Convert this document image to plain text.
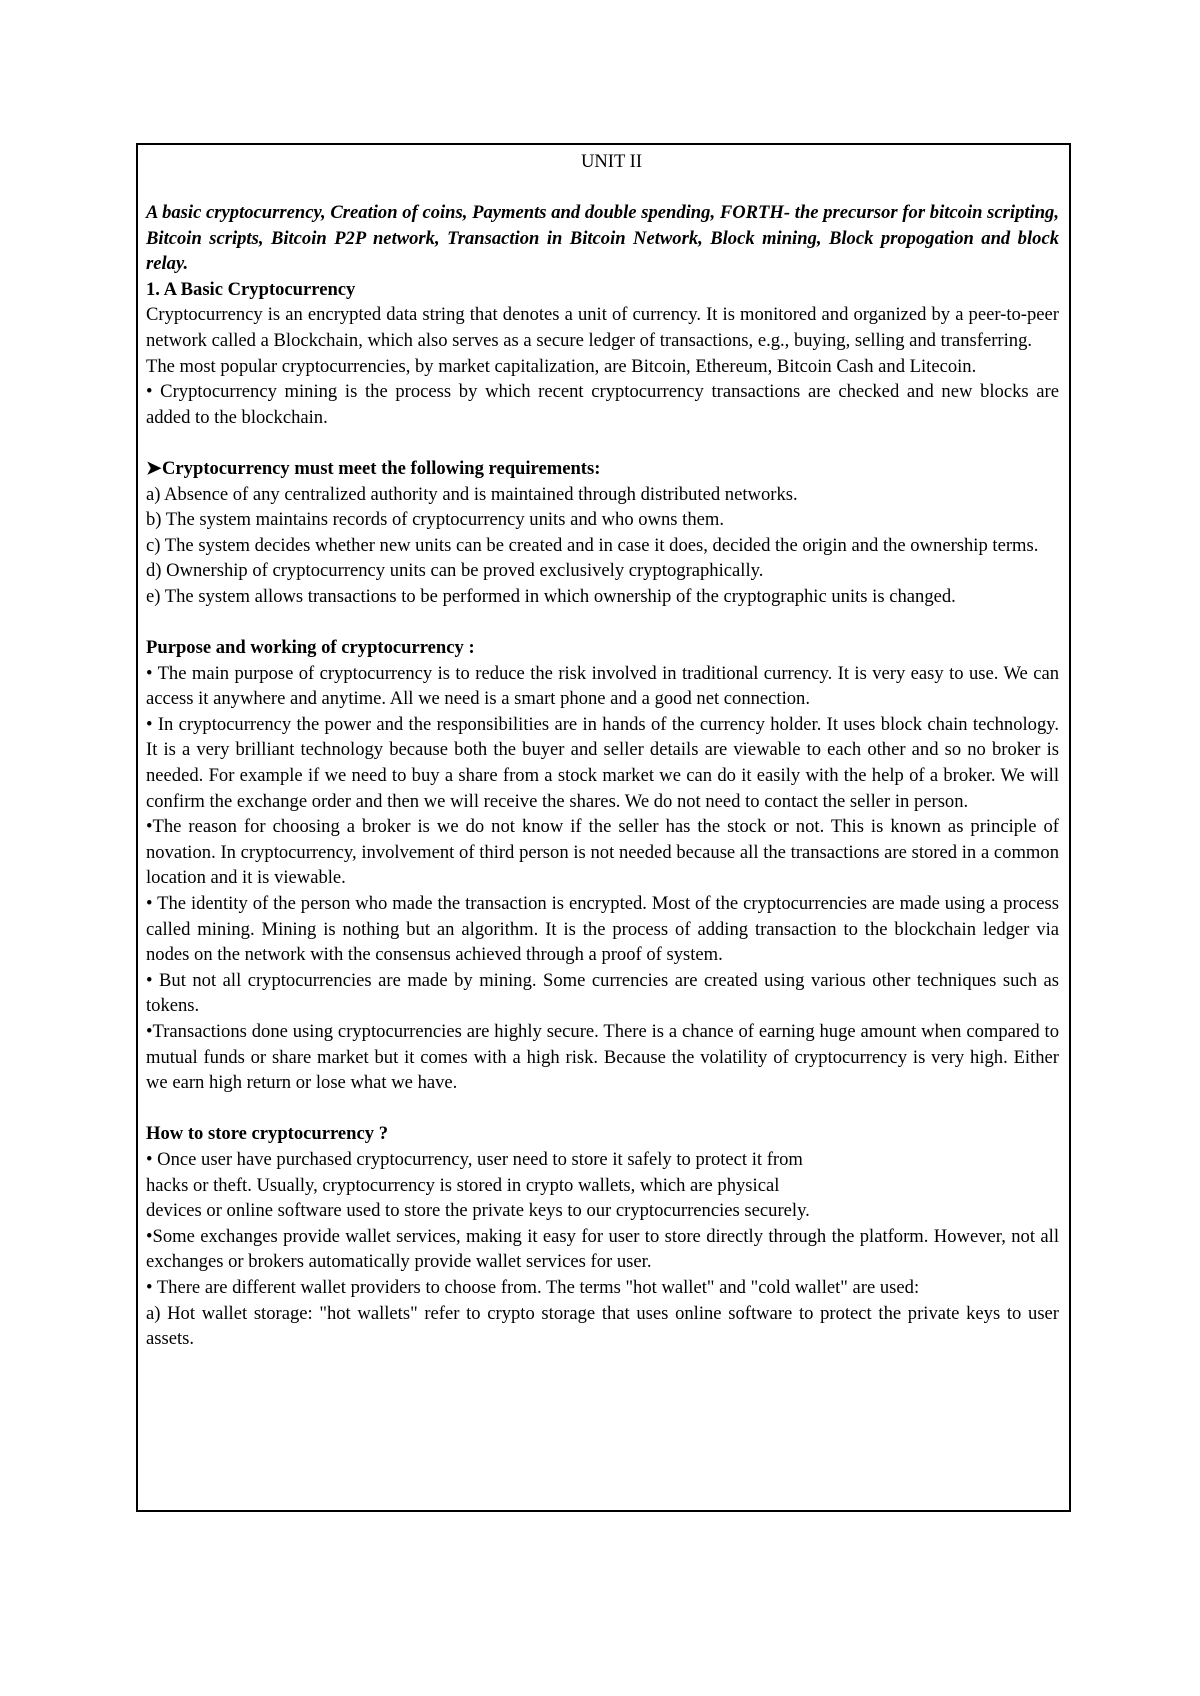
UNIT II

A basic cryptocurrency, Creation of coins, Payments and double spending, FORTH- the precursor for bitcoin scripting, Bitcoin scripts, Bitcoin P2P network, Transaction in Bitcoin Network, Block mining, Block propogation and block relay.

1. A Basic Cryptocurrency

Cryptocurrency is an encrypted data string that denotes a unit of currency. It is monitored and organized by a peer-to-peer network called a Blockchain, which also serves as a secure ledger of transactions, e.g., buying, selling and transferring.

The most popular cryptocurrencies, by market capitalization, are Bitcoin, Ethereum, Bitcoin Cash and Litecoin.

• Cryptocurrency mining is the process by which recent cryptocurrency transactions are checked and new blocks are added to the blockchain.

➤Cryptocurrency must meet the following requirements:

a) Absence of any centralized authority and is maintained through distributed networks.

b) The system maintains records of cryptocurrency units and who owns them.

c) The system decides whether new units can be created and in case it does, decided the origin and the ownership terms.

d) Ownership of cryptocurrency units can be proved exclusively cryptographically.

e) The system allows transactions to be performed in which ownership of the cryptographic units is changed.

Purpose and working of cryptocurrency :

• The main purpose of cryptocurrency is to reduce the risk involved in traditional currency. It is very easy to use. We can access it anywhere and anytime. All we need is a smart phone and a good net connection.

• In cryptocurrency the power and the responsibilities are in hands of the currency holder. It uses block chain technology. It is a very brilliant technology because both the buyer and seller details are viewable to each other and so no broker is needed. For example if we need to buy a share from a stock market we can do it easily with the help of a broker. We will confirm the exchange order and then we will receive the shares. We do not need to contact the seller in person.

•The reason for choosing a broker is we do not know if the seller has the stock or not. This is known as principle of novation. In cryptocurrency, involvement of third person is not needed because all the transactions are stored in a common location and it is viewable.

• The identity of the person who made the transaction is encrypted. Most of the cryptocurrencies are made using a process called mining. Mining is nothing but an algorithm. It is the process of adding transaction to the blockchain ledger via nodes on the network with the consensus achieved through a proof of system.

• But not all cryptocurrencies are made by mining. Some currencies are created using various other techniques such as tokens.

•Transactions done using cryptocurrencies are highly secure. There is a chance of earning huge amount when compared to mutual funds or share market but it comes with a high risk. Because the volatility of cryptocurrency is very high. Either we earn high return or lose what we have.

How to store cryptocurrency ?

• Once user have purchased cryptocurrency, user need to store it safely to protect it from

hacks or theft. Usually, cryptocurrency is stored in crypto wallets, which are physical

devices or online software used to store the private keys to our cryptocurrencies securely.

•Some exchanges provide wallet services, making it easy for user to store directly through the platform. However, not all exchanges or brokers automatically provide wallet services for user.

• There are different wallet providers to choose from. The terms "hot wallet" and "cold wallet" are used:

a) Hot wallet storage: "hot wallets" refer to crypto storage that uses online software to protect the private keys to user assets.
